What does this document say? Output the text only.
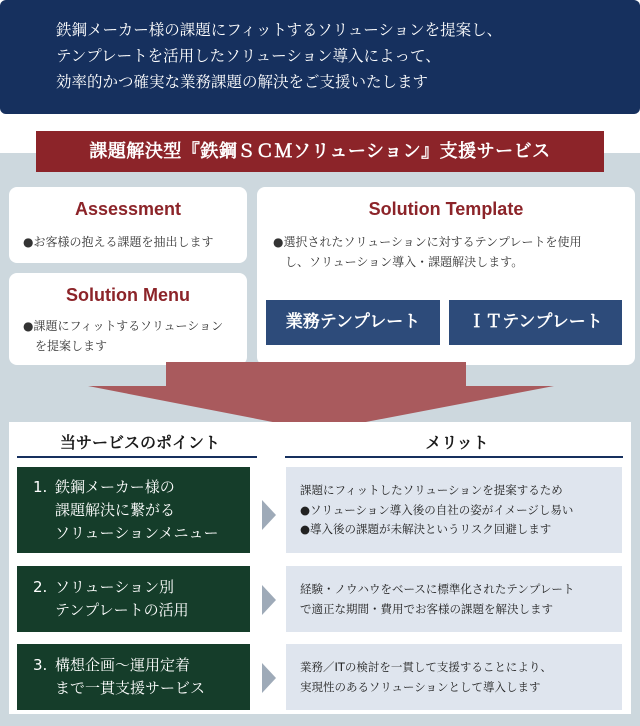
鉄鋼メーカー様の課題にフィットするソリューションを提案し、
テンプレートを活用したソリューション導入によって、
効率的かつ確実な業務課題の解決をご支援いたします
課題解決型『鉄鋼ＳＣＭソリューション』支援サービス
Assessment

●お客様の抱える課題を抽出します

Solution Menu

●課題にフィットするソリューション

を提案します

Solution Template

●選択されたソリューションに対するテンプレートを使用

し、ソリューション導入・課題解決します。

業務テンプレート	ＩＴテンプレート
当サービスのポイント	メリット
1. 鉄鋼メーカー様の
課題解決に繋がる
ソリューションメニュー
課題にフィットしたソリューションを提案するため
●ソリューション導入後の自社の姿がイメージし易い
●導入後の課題が未解決というリスク回避します
2. ソリューション別
テンプレートの活用
経験・ノウハウをベースに標準化されたテンプレート
で適正な期間・費用でお客様の課題を解決します
3. 構想企画～運用定着
まで一貫支援サービス
業務／ITの検討を一貫して支援することにより、
実現性のあるソリューションとして導入します
